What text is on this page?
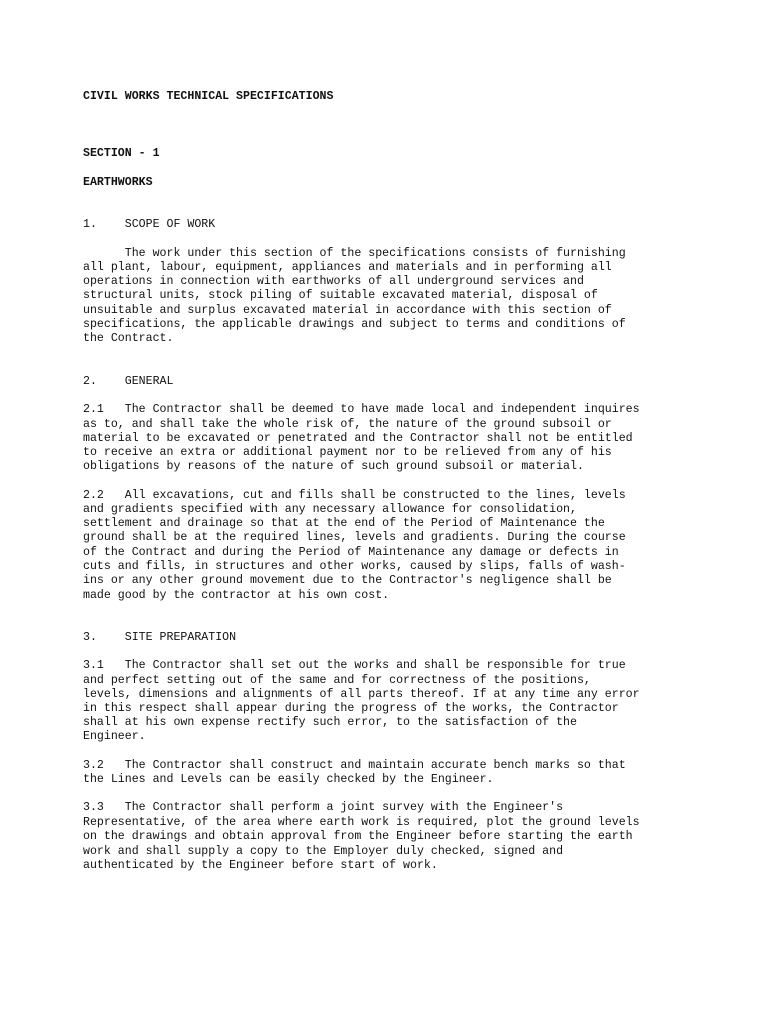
CIVIL WORKS TECHNICAL SPECIFICATIONS
SECTION - 1
EARTHWORKS
1.    SCOPE OF WORK
The work under this section of the specifications consists of furnishing
all plant, labour, equipment, appliances and materials and in performing all
operations in connection with earthworks of all underground services and
structural units, stock piling of suitable excavated material, disposal of
unsuitable and surplus excavated material in accordance with this section of
specifications, the applicable drawings and subject to terms and conditions of
the Contract.
2.    GENERAL
2.1   The Contractor shall be deemed to have made local and independent inquires
as to, and shall take the whole risk of, the nature of the ground subsoil or
material to be excavated or penetrated and the Contractor shall not be entitled
to receive an extra or additional payment nor to be relieved from any of his
obligations by reasons of the nature of such ground subsoil or material.
2.2   All excavations, cut and fills shall be constructed to the lines, levels
and gradients specified with any necessary allowance for consolidation,
settlement and drainage so that at the end of the Period of Maintenance the
ground shall be at the required lines, levels and gradients. During the course
of the Contract and during the Period of Maintenance any damage or defects in
cuts and fills, in structures and other works, caused by slips, falls of wash-
ins or any other ground movement due to the Contractor's negligence shall be
made good by the contractor at his own cost.
3.    SITE PREPARATION
3.1   The Contractor shall set out the works and shall be responsible for true
and perfect setting out of the same and for correctness of the positions,
levels, dimensions and alignments of all parts thereof. If at any time any error
in this respect shall appear during the progress of the works, the Contractor
shall at his own expense rectify such error, to the satisfaction of the
Engineer.
3.2   The Contractor shall construct and maintain accurate bench marks so that
the Lines and Levels can be easily checked by the Engineer.
3.3   The Contractor shall perform a joint survey with the Engineer's
Representative, of the area where earth work is required, plot the ground levels
on the drawings and obtain approval from the Engineer before starting the earth
work and shall supply a copy to the Employer duly checked, signed and
authenticated by the Engineer before start of work.
